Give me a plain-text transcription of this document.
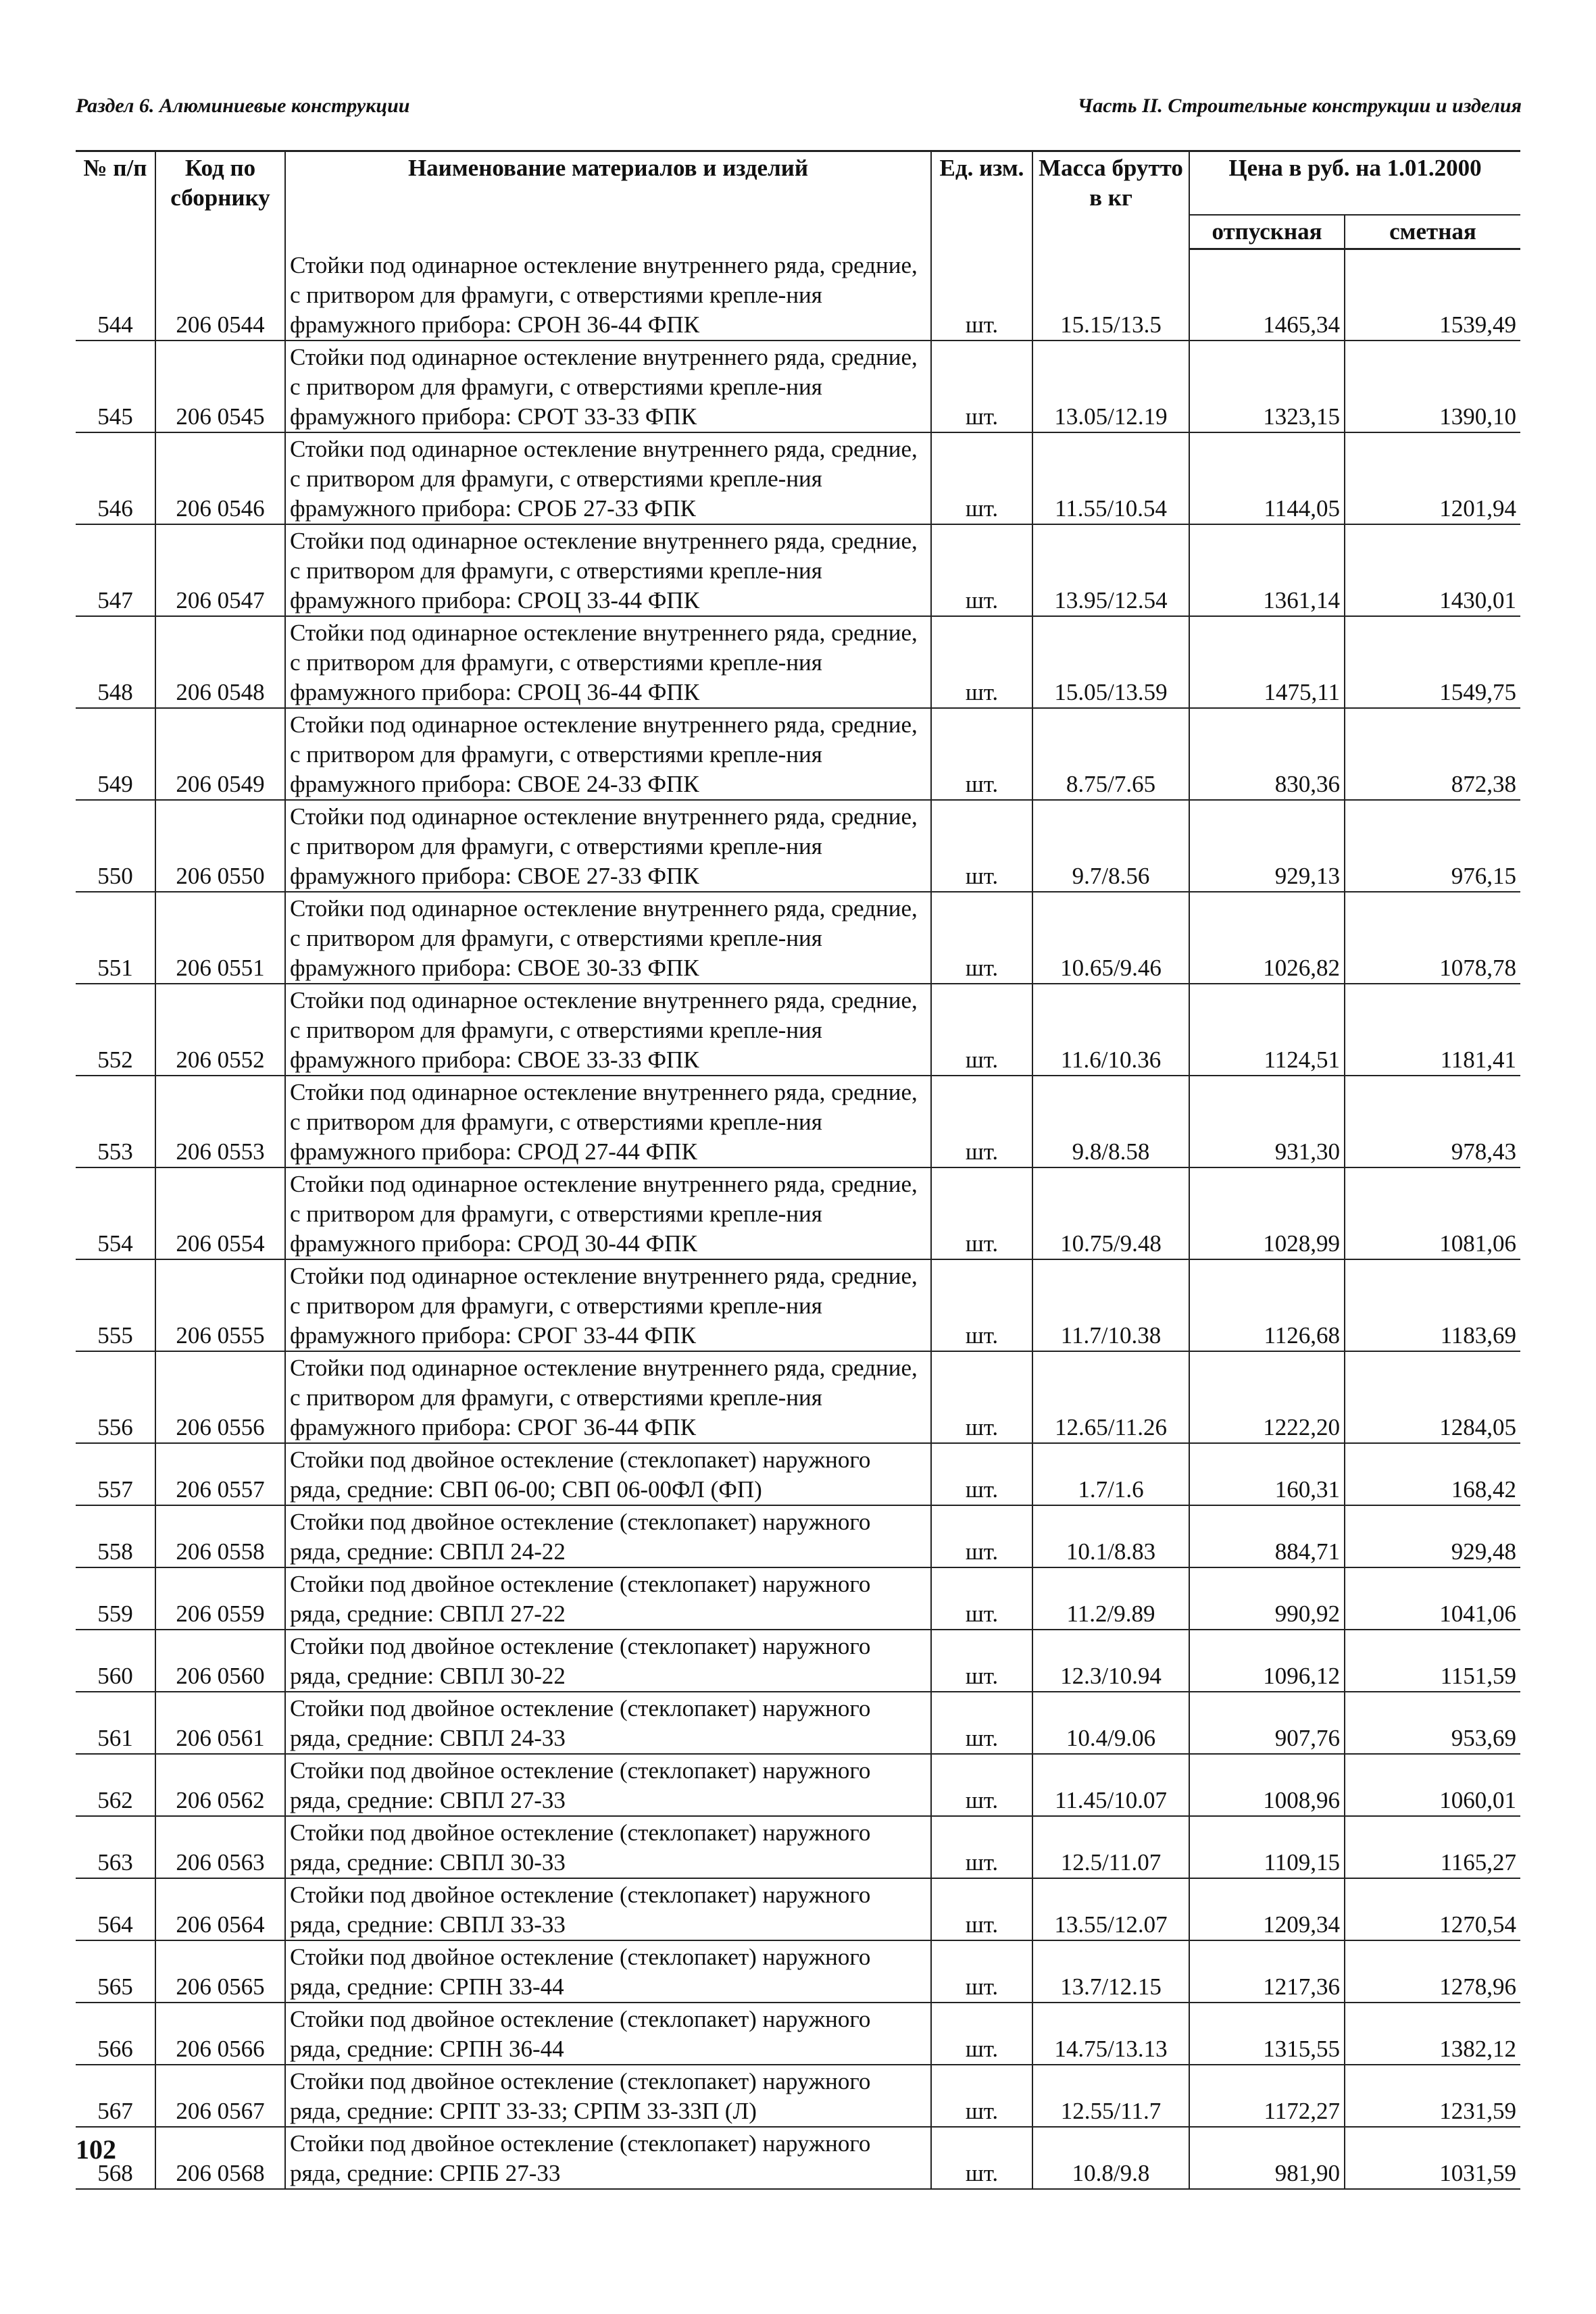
Раздел 6. Алюминиевые конструкции	Часть II. Строительные конструкции и изделия
№ п/п	Код по сборнику	Наименование материалов и изделий	Ед. изм.	Масса брутто в кг	Цена в руб. на 1.01.2000	
					отпускная	сметная
544	206 0544	Стойки под одинарное остекление внутреннего ряда, средние, с притвором для фрамуги, с отверстиями крепле-ния фрамужного прибора: СРОН 36-44 ФПК	шт.	15.15/13.5	1465,34	1539,49
545	206 0545	Стойки под одинарное остекление внутреннего ряда, средние, с притвором для фрамуги, с отверстиями крепле-ния фрамужного прибора: СРОТ 33-33 ФПК	шт.	13.05/12.19	1323,15	1390,10
546	206 0546	Стойки под одинарное остекление внутреннего ряда, средние, с притвором для фрамуги, с отверстиями крепле-ния фрамужного прибора: СРОБ 27-33 ФПК	шт.	11.55/10.54	1144,05	1201,94
547	206 0547	Стойки под одинарное остекление внутреннего ряда, средние, с притвором для фрамуги, с отверстиями крепле-ния фрамужного прибора: СРОЦ 33-44 ФПК	шт.	13.95/12.54	1361,14	1430,01
548	206 0548	Стойки под одинарное остекление внутреннего ряда, средние, с притвором для фрамуги, с отверстиями крепле-ния фрамужного прибора: СРОЦ 36-44 ФПК	шт.	15.05/13.59	1475,11	1549,75
549	206 0549	Стойки под одинарное остекление внутреннего ряда, средние, с притвором для фрамуги, с отверстиями крепле-ния фрамужного прибора: СВОЕ 24-33 ФПК	шт.	8.75/7.65	830,36	872,38
550	206 0550	Стойки под одинарное остекление внутреннего ряда, средние, с притвором для фрамуги, с отверстиями крепле-ния фрамужного прибора: СВОЕ 27-33 ФПК	шт.	9.7/8.56	929,13	976,15
551	206 0551	Стойки под одинарное остекление внутреннего ряда, средние, с притвором для фрамуги, с отверстиями крепле-ния фрамужного прибора: СВОЕ 30-33 ФПК	шт.	10.65/9.46	1026,82	1078,78
552	206 0552	Стойки под одинарное остекление внутреннего ряда, средние, с притвором для фрамуги, с отверстиями крепле-ния фрамужного прибора: СВОЕ 33-33 ФПК	шт.	11.6/10.36	1124,51	1181,41
553	206 0553	Стойки под одинарное остекление внутреннего ряда, средние, с притвором для фрамуги, с отверстиями крепле-ния фрамужного прибора: СРОД 27-44 ФПК	шт.	9.8/8.58	931,30	978,43
554	206 0554	Стойки под одинарное остекление внутреннего ряда, средние, с притвором для фрамуги, с отверстиями крепле-ния фрамужного прибора: СРОД 30-44 ФПК	шт.	10.75/9.48	1028,99	1081,06
555	206 0555	Стойки под одинарное остекление внутреннего ряда, средние, с притвором для фрамуги, с отверстиями крепле-ния фрамужного прибора: СРОГ 33-44 ФПК	шт.	11.7/10.38	1126,68	1183,69
556	206 0556	Стойки под одинарное остекление внутреннего ряда, средние, с притвором для фрамуги, с отверстиями крепле-ния фрамужного прибора: СРОГ 36-44 ФПК	шт.	12.65/11.26	1222,20	1284,05
557	206 0557	Стойки под двойное остекление (стеклопакет) наружного ряда, средние: СВП 06-00; СВП 06-00ФЛ (ФП)	шт.	1.7/1.6	160,31	168,42
558	206 0558	Стойки под двойное остекление (стеклопакет) наружного ряда, средние: СВПЛ 24-22	шт.	10.1/8.83	884,71	929,48
559	206 0559	Стойки под двойное остекление (стеклопакет) наружного ряда, средние: СВПЛ 27-22	шт.	11.2/9.89	990,92	1041,06
560	206 0560	Стойки под двойное остекление (стеклопакет) наружного ряда, средние: СВПЛ 30-22	шт.	12.3/10.94	1096,12	1151,59
561	206 0561	Стойки под двойное остекление (стеклопакет) наружного ряда, средние: СВПЛ 24-33	шт.	10.4/9.06	907,76	953,69
562	206 0562	Стойки под двойное остекление (стеклопакет) наружного ряда, средние: СВПЛ 27-33	шт.	11.45/10.07	1008,96	1060,01
563	206 0563	Стойки под двойное остекление (стеклопакет) наружного ряда, средние: СВПЛ 30-33	шт.	12.5/11.07	1109,15	1165,27
564	206 0564	Стойки под двойное остекление (стеклопакет) наружного ряда, средние: СВПЛ 33-33	шт.	13.55/12.07	1209,34	1270,54
565	206 0565	Стойки под двойное остекление (стеклопакет) наружного ряда, средние: СРПН 33-44	шт.	13.7/12.15	1217,36	1278,96
566	206 0566	Стойки под двойное остекление (стеклопакет) наружного ряда, средние: СРПН 36-44	шт.	14.75/13.13	1315,55	1382,12
567	206 0567	Стойки под двойное остекление (стеклопакет) наружного ряда, средние: СРПТ 33-33; СРПМ 33-33П (Л)	шт.	12.55/11.7	1172,27	1231,59
568	206 0568	Стойки под двойное остекление (стеклопакет) наружного ряда, средние: СРПБ 27-33	шт.	10.8/9.8	981,90	1031,59
102
